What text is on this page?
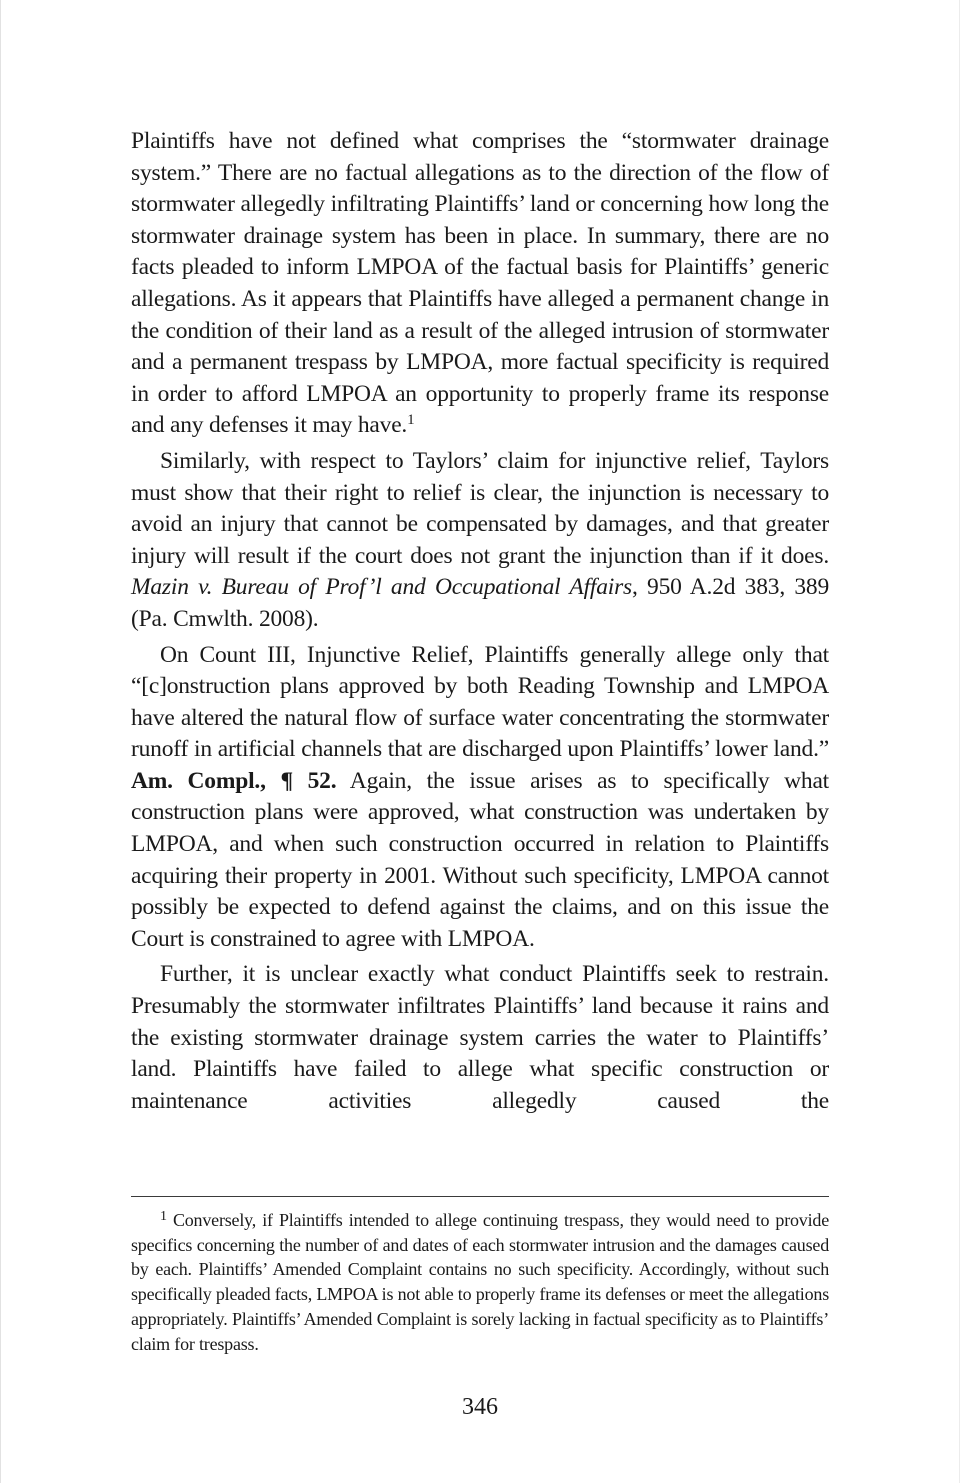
Plaintiffs have not defined what comprises the “stormwater drainage system.” There are no factual allegations as to the direction of the flow of stormwater allegedly infiltrating Plaintiffs’ land or concerning how long the stormwater drainage system has been in place. In summary, there are no facts pleaded to inform LMPOA of the factual basis for Plaintiffs’ generic allegations. As it appears that Plaintiffs have alleged a permanent change in the condition of their land as a result of the alleged intrusion of stormwater and a permanent trespass by LMPOA, more factual specificity is required in order to afford LMPOA an opportunity to properly frame its response and any defenses it may have.$^1$

Similarly, with respect to Taylors’ claim for injunctive relief, Taylors must show that their right to relief is clear, the injunction is necessary to avoid an injury that cannot be compensated by damages, and that greater injury will result if the court does not grant the injunction than if it does. Mazin v. Bureau of Prof’l and Occupational Affairs, 950 A.2d 383, 389 (Pa. Cmwlth. 2008).

On Count III, Injunctive Relief, Plaintiffs generally allege only that “[c]onstruction plans approved by both Reading Township and LMPOA have altered the natural flow of surface water concentrating the stormwater runoff in artificial channels that are discharged upon Plaintiffs’ lower land.” Am. Compl., ¶ 52. Again, the issue arises as to specifically what construction plans were approved, what construction was undertaken by LMPOA, and when such construction occurred in relation to Plaintiffs acquiring their property in 2001. Without such specificity, LMPOA cannot possibly be expected to defend against the claims, and on this issue the Court is constrained to agree with LMPOA.

Further, it is unclear exactly what conduct Plaintiffs seek to restrain. Presumably the stormwater infiltrates Plaintiffs’ land because it rains and the existing stormwater drainage system carries the water to Plaintiffs’ land. Plaintiffs have failed to allege what specific construction or maintenance activities allegedly caused the

$^1$ Conversely, if Plaintiffs intended to allege continuing trespass, they would need to provide specifics concerning the number of and dates of each stormwater intrusion and the damages caused by each. Plaintiffs’ Amended Complaint contains no such specificity. Accordingly, without such specifically pleaded facts, LMPOA is not able to properly frame its defenses or meet the allegations appropriately. Plaintiffs’ Amended Complaint is sorely lacking in factual specificity as to Plaintiffs’ claim for trespass.

346
